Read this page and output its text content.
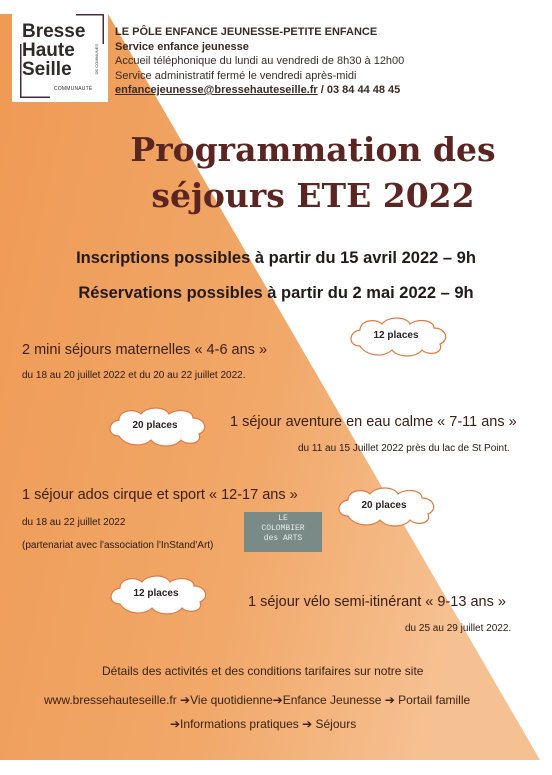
Bresse
Haute
Seille
COMMUNAUTÉ
DE COMMUNES
LE PÔLE ENFANCE JEUNESSE-PETITE ENFANCE
Service enfance jeunesse
Accueil téléphonique du lundi au vendredi de 8h30 à 12h00
Service administratif fermé le vendredi après-midi
enfancejeunesse@bressehauteseille.fr / 03 84 44 48 45
Programmation des
séjours ETE 2022
Inscriptions possibles à partir du 15 avril 2022 – 9h
Réservations possibles à partir du 2 mai 2022 – 9h
12 places
2 mini séjours maternelles « 4-6 ans »
du 18 au 20 juillet 2022 et du 20 au 22 juillet 2022.
20 places	1 séjour aventure en eau calme « 7-11 ans »
du 11 au 15 Juillet 2022 près du lac de St Point.
1 séjour ados cirque et sport « 12-17 ans »
20 places
du 18 au 22 juillet 2022
(partenariat avec l'association l'InStand'Art)
LE
COLOMBIER
des ARTS
12 places
1 séjour vélo semi-itinérant « 9-13 ans »
du 25 au 29 juillet 2022.
Détails des activités et des conditions tarifaires sur notre site
www.bressehauteseille.fr ➔Vie quotidienne➔Enfance Jeunesse ➔ Portail famille
➔Informations pratiques ➔ Séjours
